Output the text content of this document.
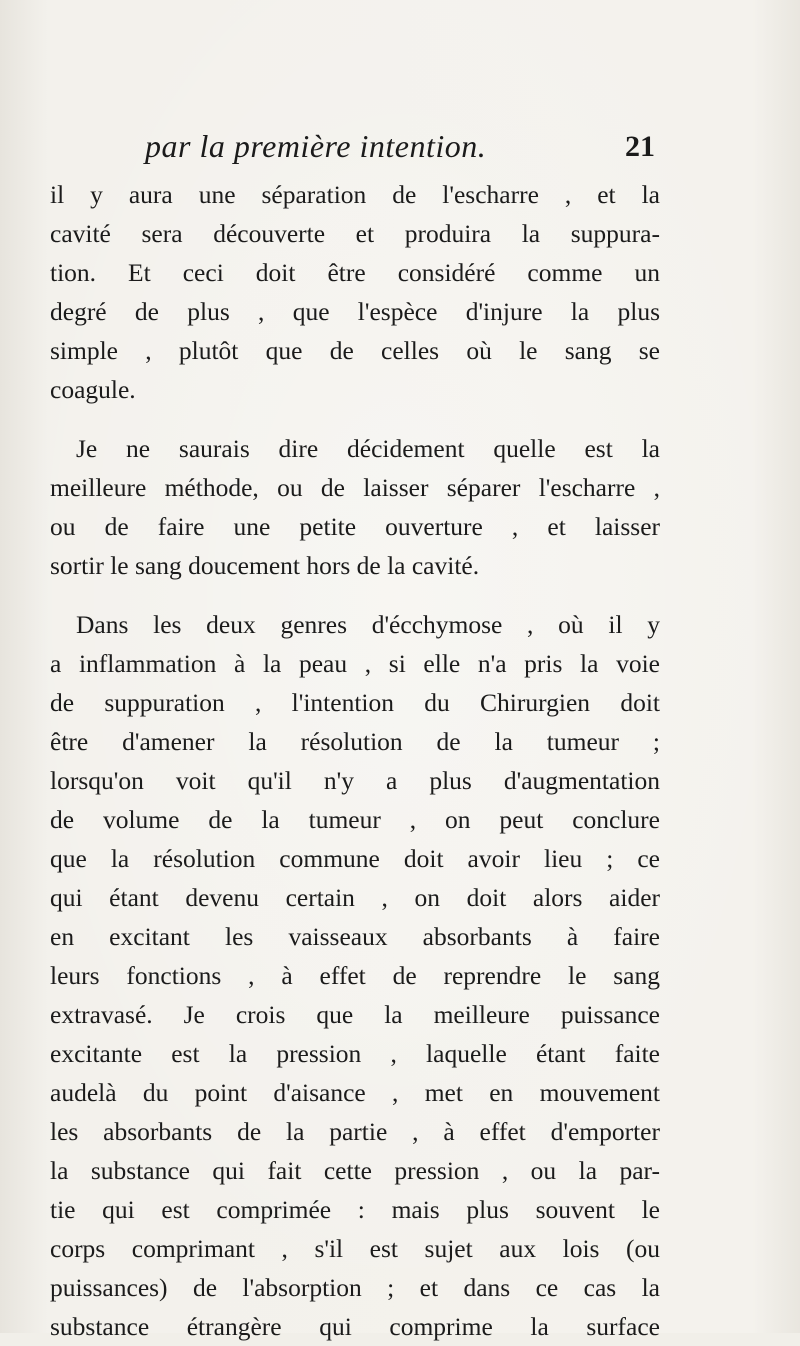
par la première intention.	21
il y aura une séparation de l'escharre , et la
cavité sera découverte et produira la suppura-
tion. Et ceci doit être considéré comme un
degré de plus , que l'espèce d'injure la plus
simple , plutôt que de celles où le sang se
coagule.
Je ne saurais dire décidement quelle est la
meilleure méthode, ou de laisser séparer l'escharre ,
ou de faire une petite ouverture , et laisser
sortir le sang doucement hors de la cavité.
Dans les deux genres d'écchymose , où il y
a inflammation à la peau , si elle n'a pris la voie
de suppuration , l'intention du Chirurgien doit
être d'amener la résolution de la tumeur ;
lorsqu'on voit qu'il n'y a plus d'augmentation
de volume de la tumeur , on peut conclure
que la résolution commune doit avoir lieu ; ce
qui étant devenu certain , on doit alors aider
en excitant les vaisseaux absorbants à faire
leurs fonctions , à effet de reprendre le sang
extravasé. Je crois que la meilleure puissance
excitante est la pression , laquelle étant faite
audelà du point d'aisance , met en mouvement
les absorbants de la partie , à effet d'emporter
la substance qui fait cette pression , ou la par-
tie qui est comprimée : mais plus souvent le
corps comprimant , s'il est sujet aux lois (ou
puissances) de l'absorption ; et dans ce cas la
substance étrangère qui comprime la surface
